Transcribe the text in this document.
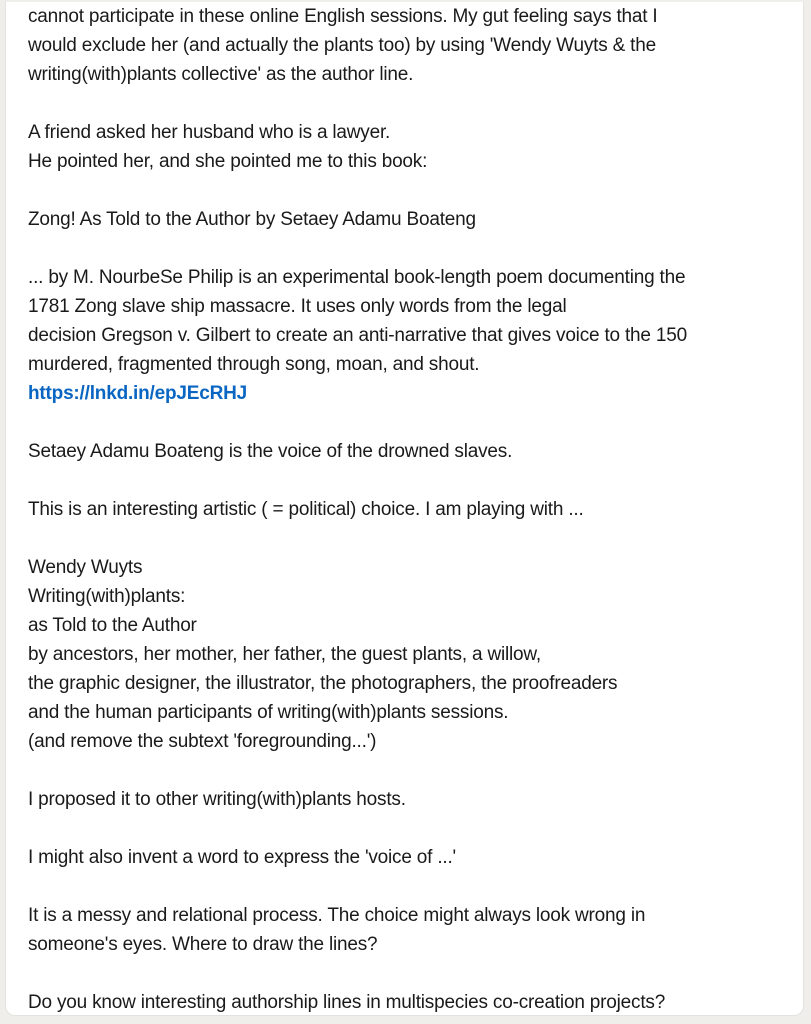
cannot participate in these online English sessions. My gut feeling says that I
would exclude her (and actually the plants too) by using 'Wendy Wuyts & the
writing(with)plants collective' as the author line.

A friend asked her husband who is a lawyer.
He pointed her, and she pointed me to this book:

Zong! As Told to the Author by Setaey Adamu Boateng

... by M. NourbeSe Philip is an experimental book-length poem documenting the
1781 Zong slave ship massacre. It uses only words from the legal
decision Gregson v. Gilbert to create an anti-narrative that gives voice to the 150
murdered, fragmented through song, moan, and shout.
https://lnkd.in/epJEcRHJ

Setaey Adamu Boateng is the voice of the drowned slaves.

This is an interesting artistic ( = political) choice. I am playing with ...

Wendy Wuyts
Writing(with)plants:
as Told to the Author
by ancestors, her mother, her father, the guest plants, a willow,
the graphic designer, the illustrator, the photographers, the proofreaders
and the human participants of writing(with)plants sessions.
(and remove the subtext 'foregrounding...')

I proposed it to other writing(with)plants hosts.

I might also invent a word to express the 'voice of ...'

It is a messy and relational process. The choice might always look wrong in
someone's eyes. Where to draw the lines?

Do you know interesting authorship lines in multispecies co-creation projects?
